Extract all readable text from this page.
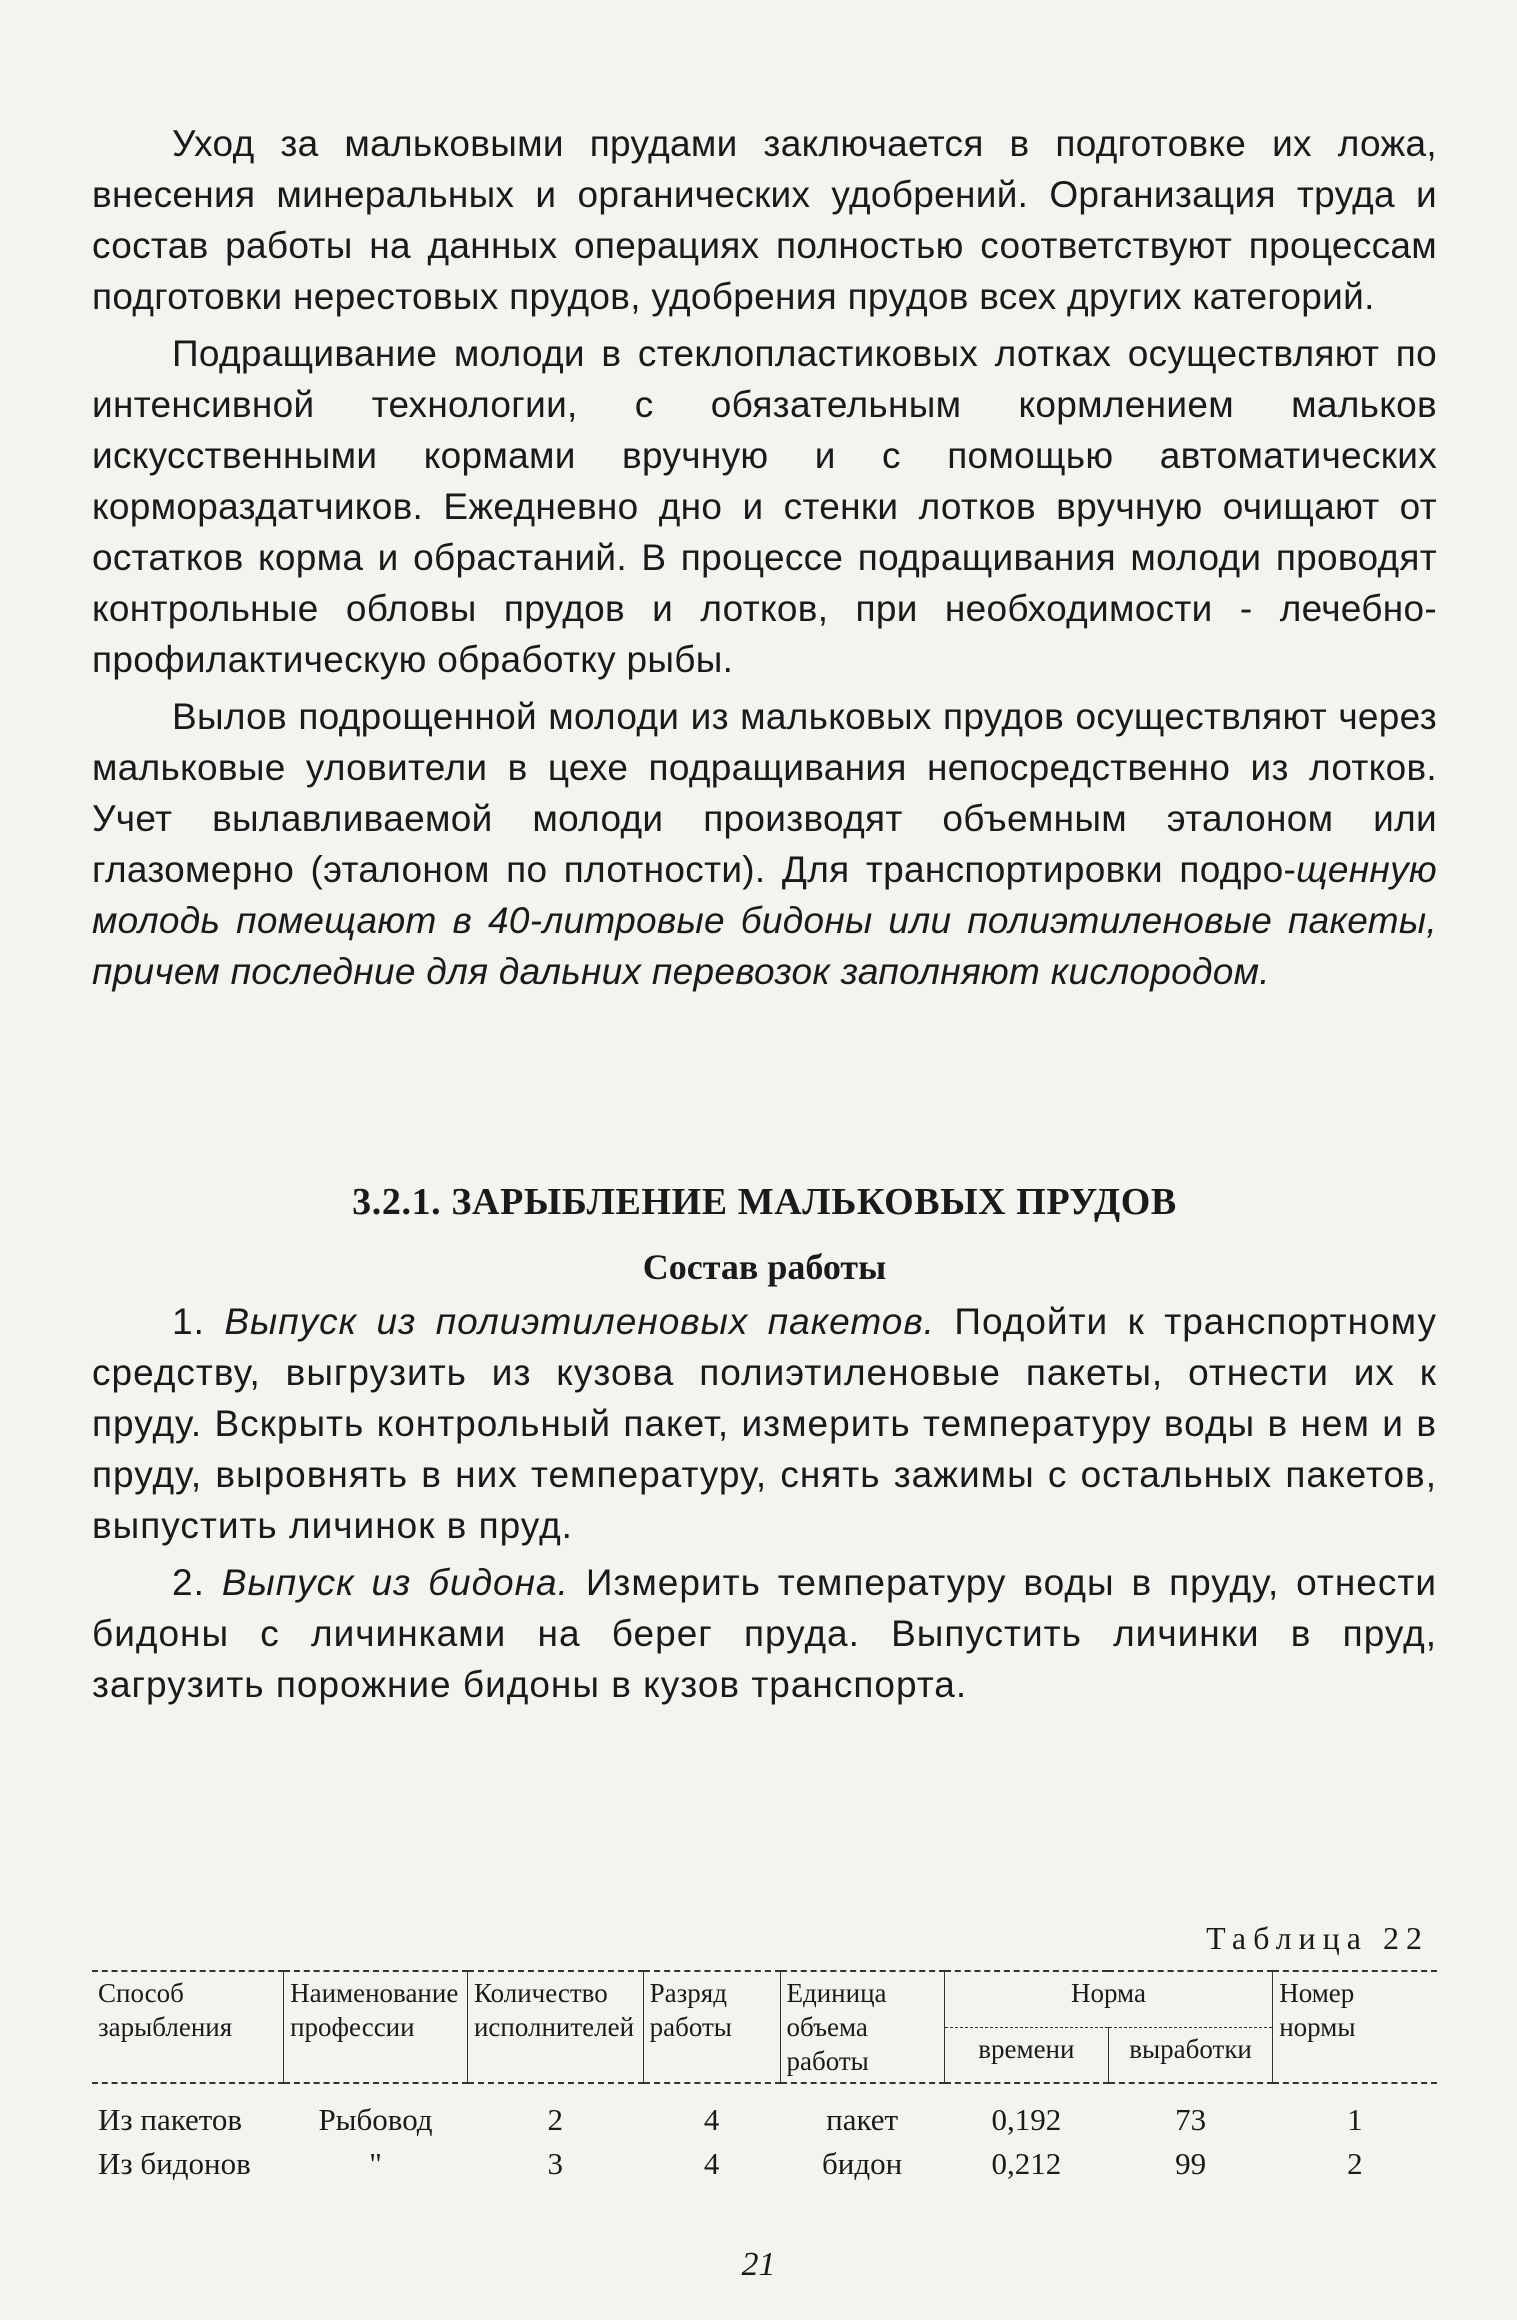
Уход за мальковыми прудами заключается в подготовке их ложа, внесения минеральных и органических удобрений. Организация труда и состав работы на данных операциях полностью соответствуют процессам подготовки нерестовых прудов, удобрения прудов всех других категорий.

Подращивание молоди в стеклопластиковых лотках осуществляют по интенсивной технологии, с обязательным кормлением мальков искусственными кормами вручную и с помощью автоматических кормораздатчиков. Ежедневно дно и стенки лотков вручную очищают от остатков корма и обрастаний. В процессе подращивания молоди проводят контрольные обловы прудов и лотков, при необходимости - лечебно-профилактическую обработку рыбы.

Вылов подрощенной молоди из мальковых прудов осуществляют через мальковые уловители в цехе подращивания непосредственно из лотков. Учет вылавливаемой молоди производят объемным эталоном или глазомерно (эталоном по плотности). Для транспортировки подро-щенную молодь помещают в 40-литровые бидоны или полиэтиленовые пакеты, причем последние для дальних перевозок заполняют кислородом.

3.2.1. ЗАРЫБЛЕНИЕ МАЛЬКОВЫХ ПРУДОВ
Состав работы

1. Выпуск из полиэтиленовых пакетов. Подойти к транспортному средству, выгрузить из кузова полиэтиленовые пакеты, отнести их к пруду. Вскрыть контрольный пакет, измерить температуру воды в нем и в пруду, выровнять в них температуру, снять зажимы с остальных пакетов, выпустить личинок в пруд.

2. Выпуск из бидона. Измерить температуру воды в пруду, отнести бидоны с личинками на берег пруда. Выпустить личинки в пруд, загрузить порожние бидоны в кузов транспорта.

Таблица 22
Способ зарыбления	Наименование профессии	Количество исполнителей	Разряд работы	Единица объема работы	Норма		Номер нормы
					времени	выработки	
Из пакетов	Рыбовод	2	4	пакет	0,192	73	1
Из бидонов	"	3	4	бидон	0,212	99	2
21
